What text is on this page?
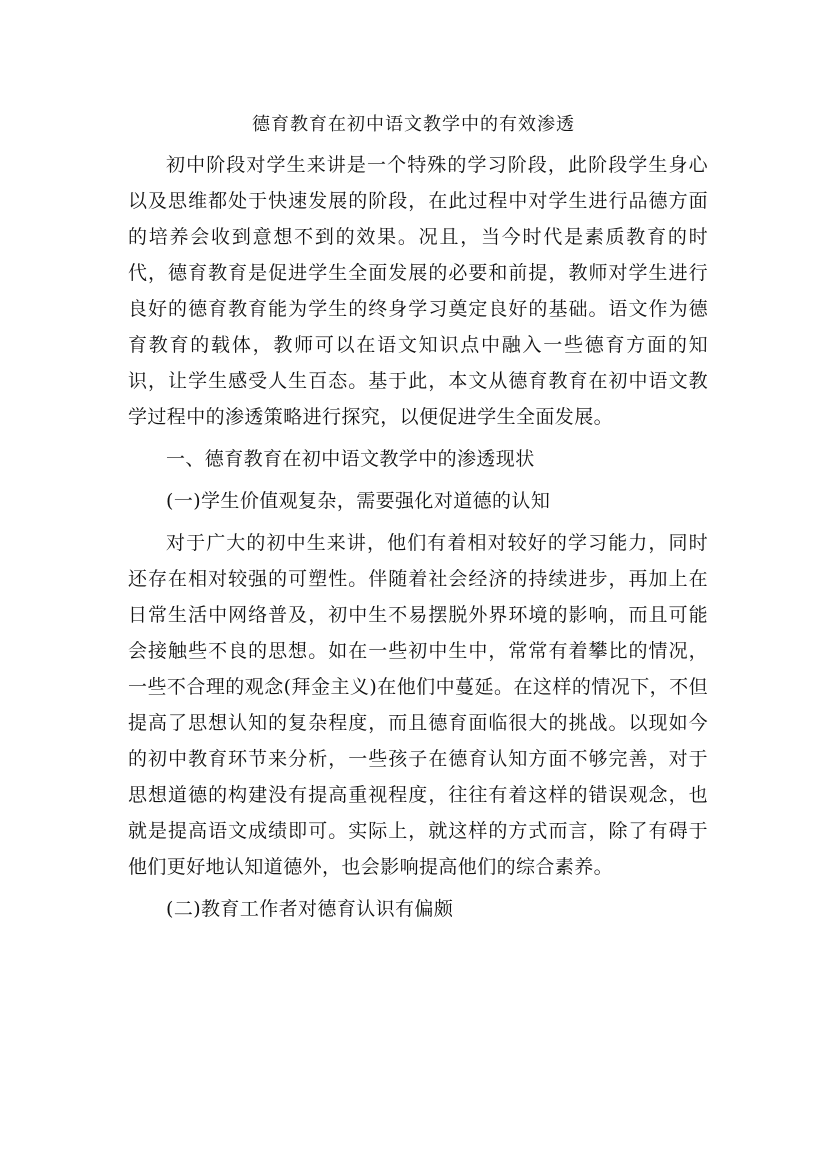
德育教育在初中语文教学中的有效渗透

初中阶段对学生来讲是一个特殊的学习阶段，此阶段学生身心以及思维都处于快速发展的阶段，在此过程中对学生进行品德方面的培养会收到意想不到的效果。况且，当今时代是素质教育的时代，德育教育是促进学生全面发展的必要和前提，教师对学生进行良好的德育教育能为学生的终身学习奠定良好的基础。语文作为德育教育的载体，教师可以在语文知识点中融入一些德育方面的知识，让学生感受人生百态。基于此，本文从德育教育在初中语文教学过程中的渗透策略进行探究，以便促进学生全面发展。

一、德育教育在初中语文教学中的渗透现状

(一)学生价值观复杂，需要强化对道德的认知

对于广大的初中生来讲，他们有着相对较好的学习能力，同时还存在相对较强的可塑性。伴随着社会经济的持续进步，再加上在日常生活中网络普及，初中生不易摆脱外界环境的影响，而且可能会接触些不良的思想。如在一些初中生中，常常有着攀比的情况，一些不合理的观念(拜金主义)在他们中蔓延。在这样的情况下，不但提高了思想认知的复杂程度，而且德育面临很大的挑战。以现如今的初中教育环节来分析，一些孩子在德育认知方面不够完善，对于思想道德的构建没有提高重视程度，往往有着这样的错误观念，也就是提高语文成绩即可。实际上，就这样的方式而言，除了有碍于他们更好地认知道德外，也会影响提高他们的综合素养。

(二)教育工作者对德育认识有偏颇
